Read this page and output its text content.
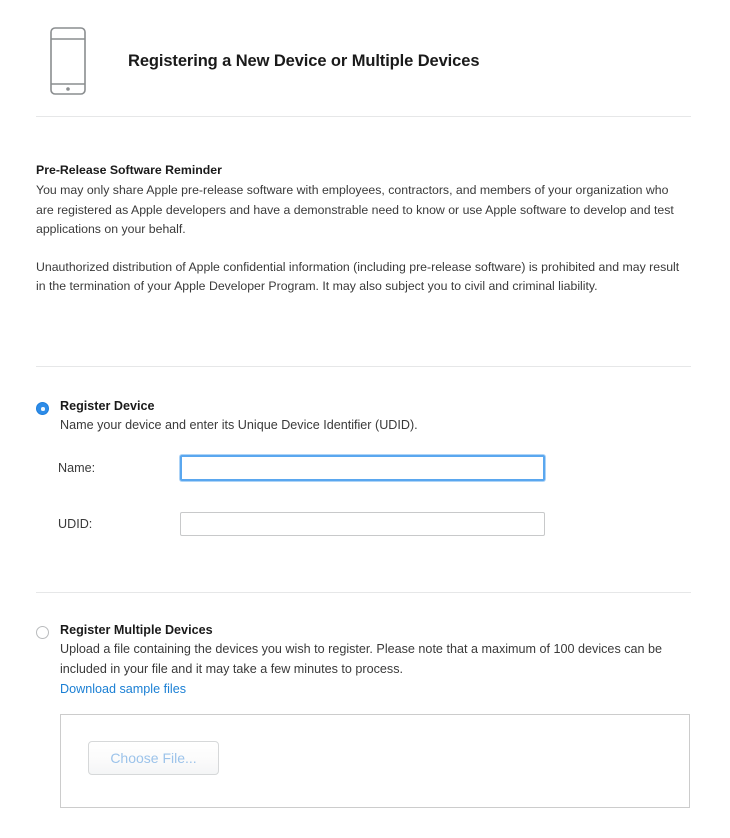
Registering a New Device or Multiple Devices
Pre-Release Software Reminder

You may only share Apple pre-release software with employees, contractors, and members of your organization who are registered as Apple developers and have a demonstrable need to know or use Apple software to develop and test applications on your behalf.

Unauthorized distribution of Apple confidential information (including pre-release software) is prohibited and may result in the termination of your Apple Developer Program. It may also subject you to civil and criminal liability.

Register Device
Name your device and enter its Unique Device Identifier (UDID).
Name:
UDID:
Register Multiple Devices
Upload a file containing the devices you wish to register. Please note that a maximum of 100 devices can be included in your file and it may take a few minutes to process.
Download sample files
Choose File...
